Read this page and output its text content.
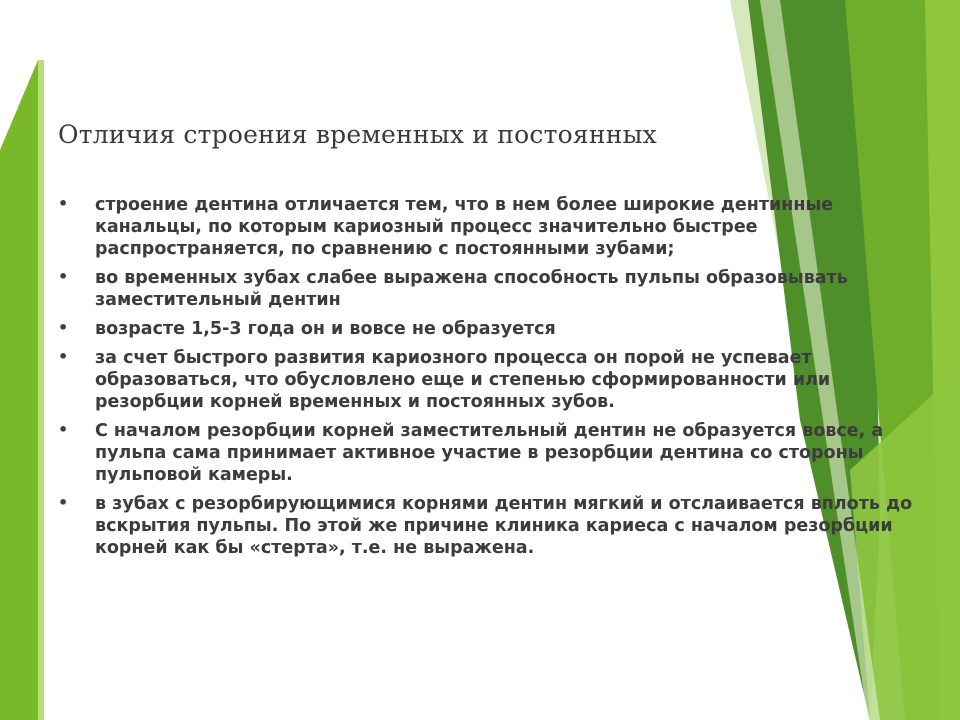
Отличия строения временных и постоянных
• строение дентина отличается тем, что в нем более широкие дентинные канальцы, по которым кариозный процесс значительно быстрее распространяется, по сравнению с постоянными зубами;
• во временных зубах слабее выражена способность пульпы образовывать заместительный дентин
• возрасте 1,5-3 года он и вовсе не образуется
• за счет быстрого развития кариозного процесса он порой не успевает образоваться, что обусловлено еще и степенью сформированности или резорбции корней временных и постоянных зубов.
• С началом резорбции корней заместительный дентин не образуется вовсе, а пульпа сама принимает активное участие в резорбции дентина со стороны пульповой камеры.
• в зубах с резорбирующимися корнями дентин мягкий и отслаивается вплоть до вскрытия пульпы. По этой же причине клиника кариеса с началом резорбции корней как бы «стерта», т.е. не выражена.
